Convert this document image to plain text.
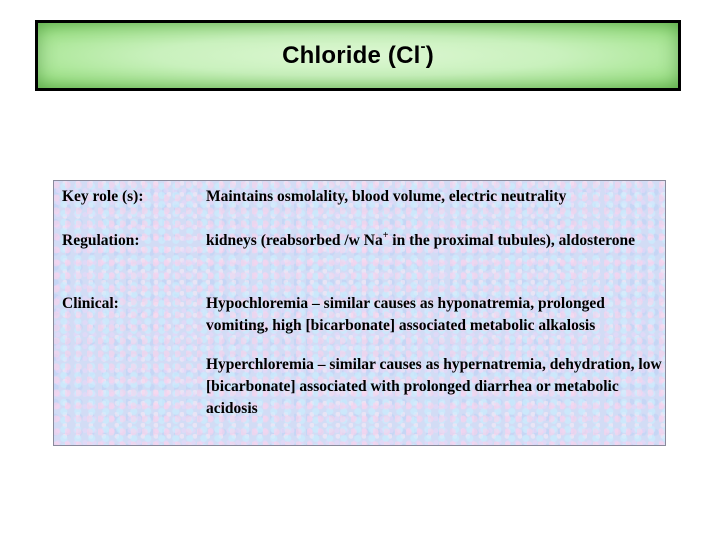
Chloride (Cl-)
Key role (s):	Maintains osmolality, blood volume, electric neutrality

Regulation:	kidneys (reabsorbed /w Na+ in the proximal tubules), aldosterone

Clinical:	Hypochloremia – similar causes as hyponatremia, prolonged vomiting, high [bicarbonate] associated metabolic alkalosis

Hyperchloremia – similar causes as hypernatremia, dehydration, low [bicarbonate] associated with prolonged diarrhea or metabolic acidosis
